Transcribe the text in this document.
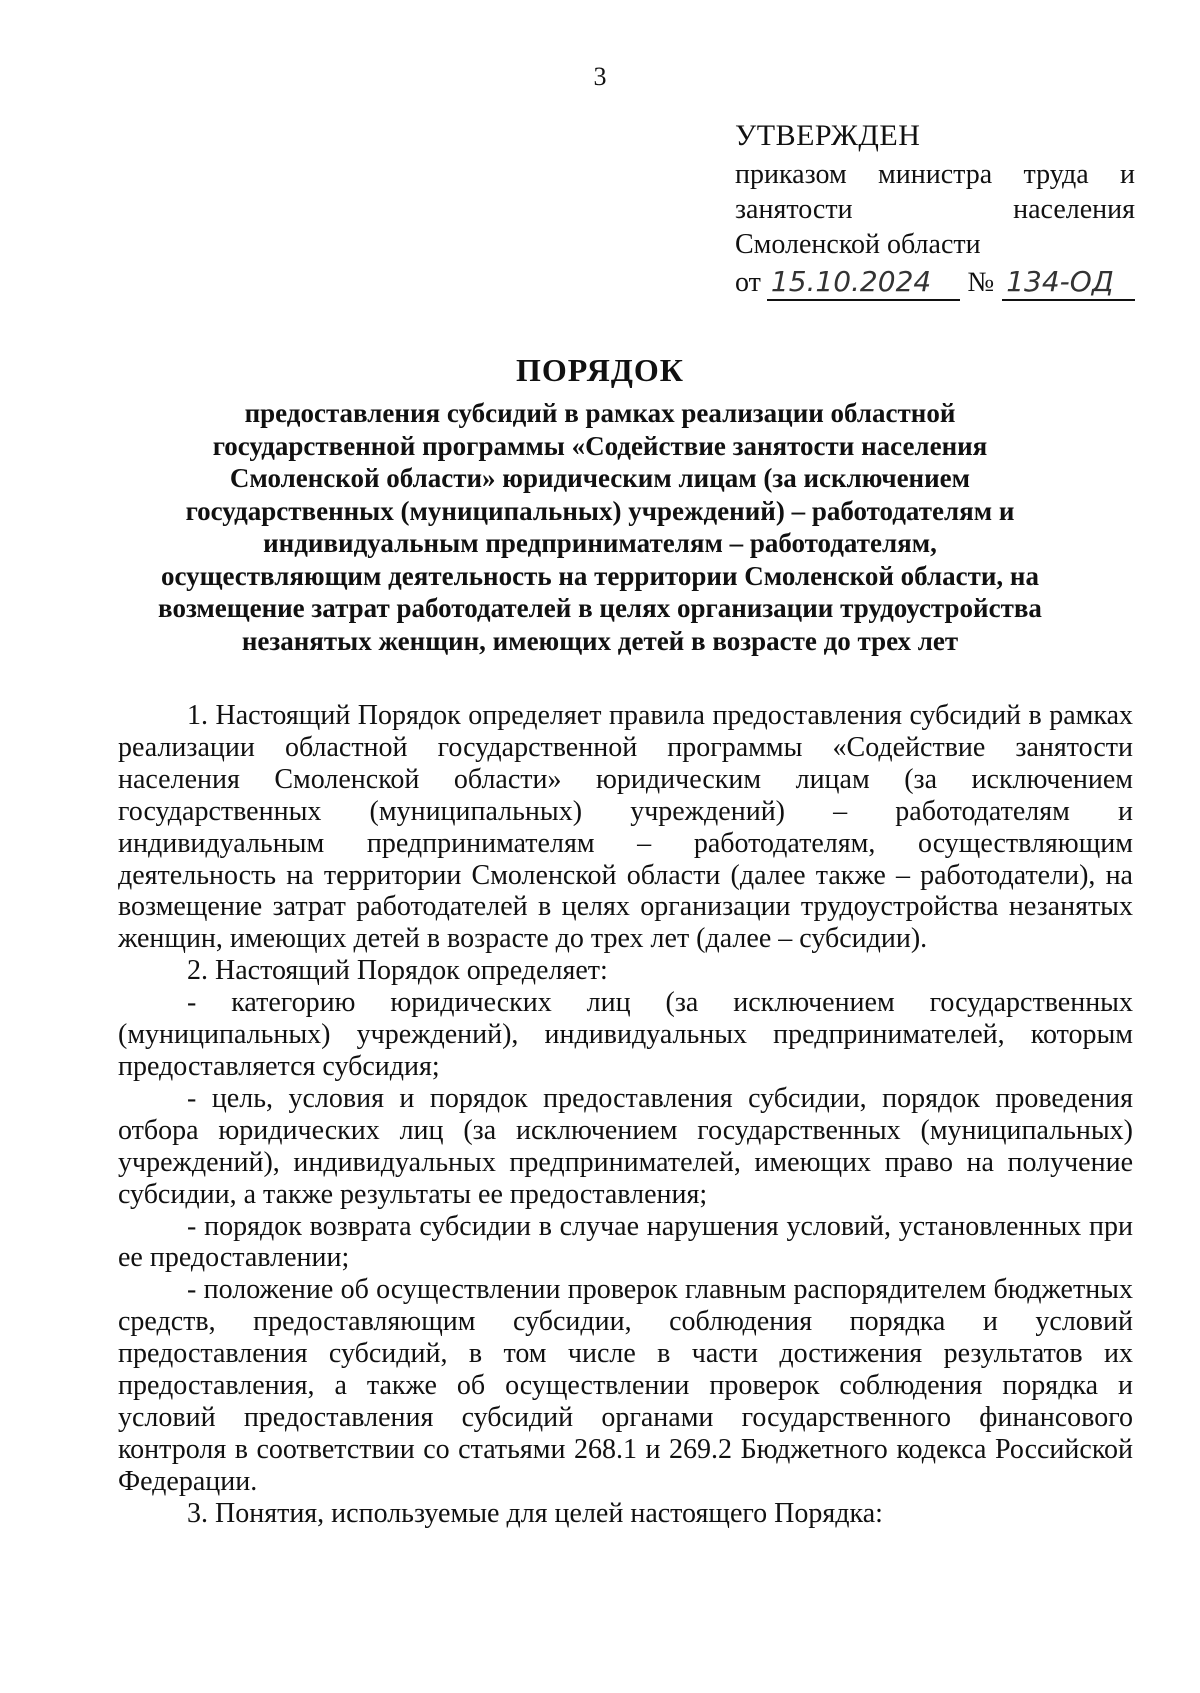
3
УТВЕРЖДЕН
приказом министра труда и
занятости населения
Смоленской области
от 15.10.2024	№ 134-ОД
ПОРЯДОК
предоставления субсидий в рамках реализации областной государственной программы «Содействие занятости населения Смоленской области» юридическим лицам (за исключением государственных (муниципальных) учреждений) – работодателям и индивидуальным предпринимателям – работодателям, осуществляющим деятельность на территории Смоленской области, на возмещение затрат работодателей в целях организации трудоустройства незанятых женщин, имеющих детей в возрасте до трех лет

1. Настоящий Порядок определяет правила предоставления субсидий в рамках реализации областной государственной программы «Содействие занятости населения Смоленской области» юридическим лицам (за исключением государственных (муниципальных) учреждений) – работодателям и индивидуальным предпринимателям – работодателям, осуществляющим деятельность на территории Смоленской области (далее также – работодатели), на возмещение затрат работодателей в целях организации трудоустройства незанятых женщин, имеющих детей в возрасте до трех лет (далее – субсидии).

2. Настоящий Порядок определяет:

- категорию юридических лиц (за исключением государственных (муниципальных) учреждений), индивидуальных предпринимателей, которым предоставляется субсидия;

- цель, условия и порядок предоставления субсидии, порядок проведения отбора юридических лиц (за исключением государственных (муниципальных) учреждений), индивидуальных предпринимателей, имеющих право на получение субсидии, а также результаты ее предоставления;

- порядок возврата субсидии в случае нарушения условий, установленных при ее предоставлении;

- положение об осуществлении проверок главным распорядителем бюджетных средств, предоставляющим субсидии, соблюдения порядка и условий предоставления субсидий, в том числе в части достижения результатов их предоставления, а также об осуществлении проверок соблюдения порядка и условий предоставления субсидий органами государственного финансового контроля в соответствии со статьями 268.1 и 269.2 Бюджетного кодекса Российской Федерации.

3. Понятия, используемые для целей настоящего Порядка:
